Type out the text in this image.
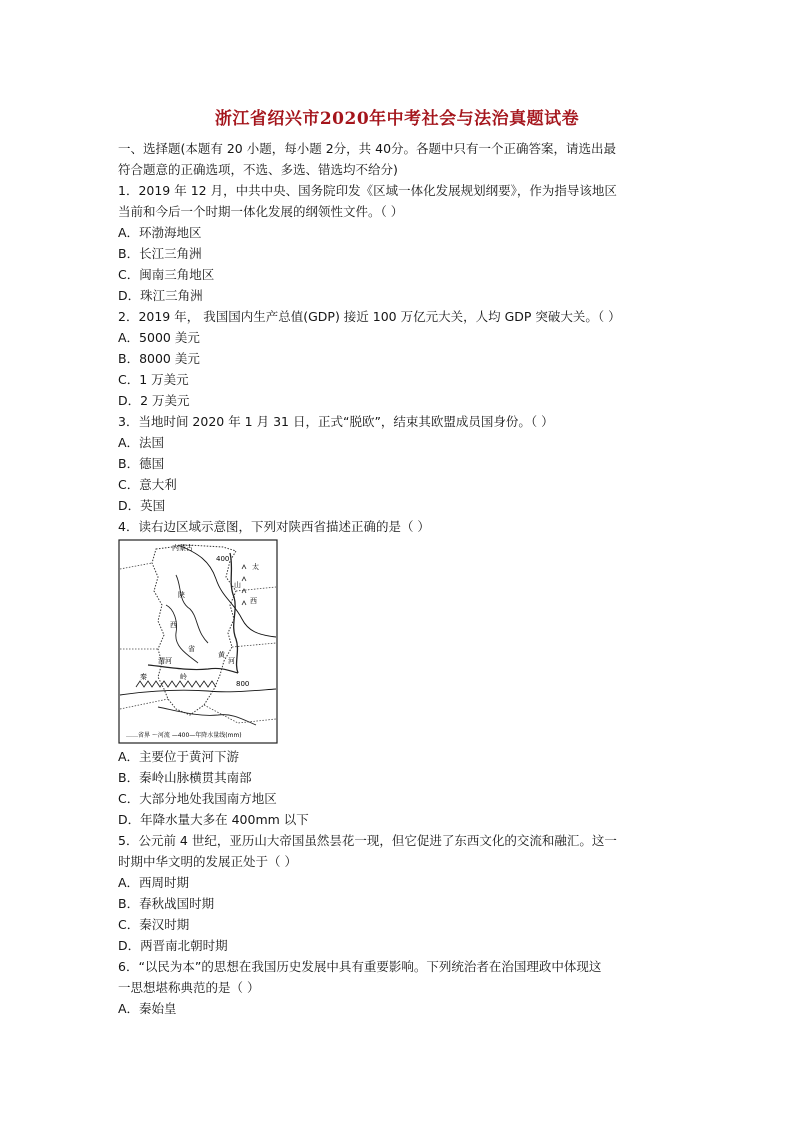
浙江省绍兴市2020年中考社会与法治真题试卷
一、选择题(本题有 20 小题，每小题 2分，共 40分。各题中只有一个正确答案，请选出最
符合题意的正确选项，不选、多选、错选均不给分)
1．2019 年 12 月，中共中央、国务院印发《区域一体化发展规划纲要》，作为指导该地区
当前和今后一个时期一体化发展的纲领性文件。（ ）
A．环渤海地区
B．长江三角洲
C．闽南三角地区
D．珠江三角洲
2．2019 年， 我国国内生产总值(GDP) 接近 100 万亿元大关，人均 GDP 突破大关。（ ）
A．5000 美元
B．8000 美元
C．1 万美元
D．2 万美元
3．当地时间 2020 年 1 月 31 日，正式“脱欧”，结束其欧盟成员国身份。（ ）
A．法国
B．德国
C．意大利
D．英国
4．读右边区域示意图，下列对陕西省描述正确的是（ ）
内蒙古
400
太
山
陕
西
西
省
渭河
黄
河
秦	岭
800
……省界 ～河流 —400—年降水量线(mm)
A．主要位于黄河下游
B．秦岭山脉横贯其南部
C．大部分地处我国南方地区
D．年降水量大多在 400mm 以下
5．公元前 4 世纪，亚历山大帝国虽然昙花一现，但它促进了东西文化的交流和融汇。这一
时期中华文明的发展正处于（ ）
A．西周时期
B．春秋战国时期
C．秦汉时期
D．两晋南北朝时期
6．“以民为本”的思想在我国历史发展中具有重要影响。下列统治者在治国理政中体现这
一思想堪称典范的是（ ）
A．秦始皇
